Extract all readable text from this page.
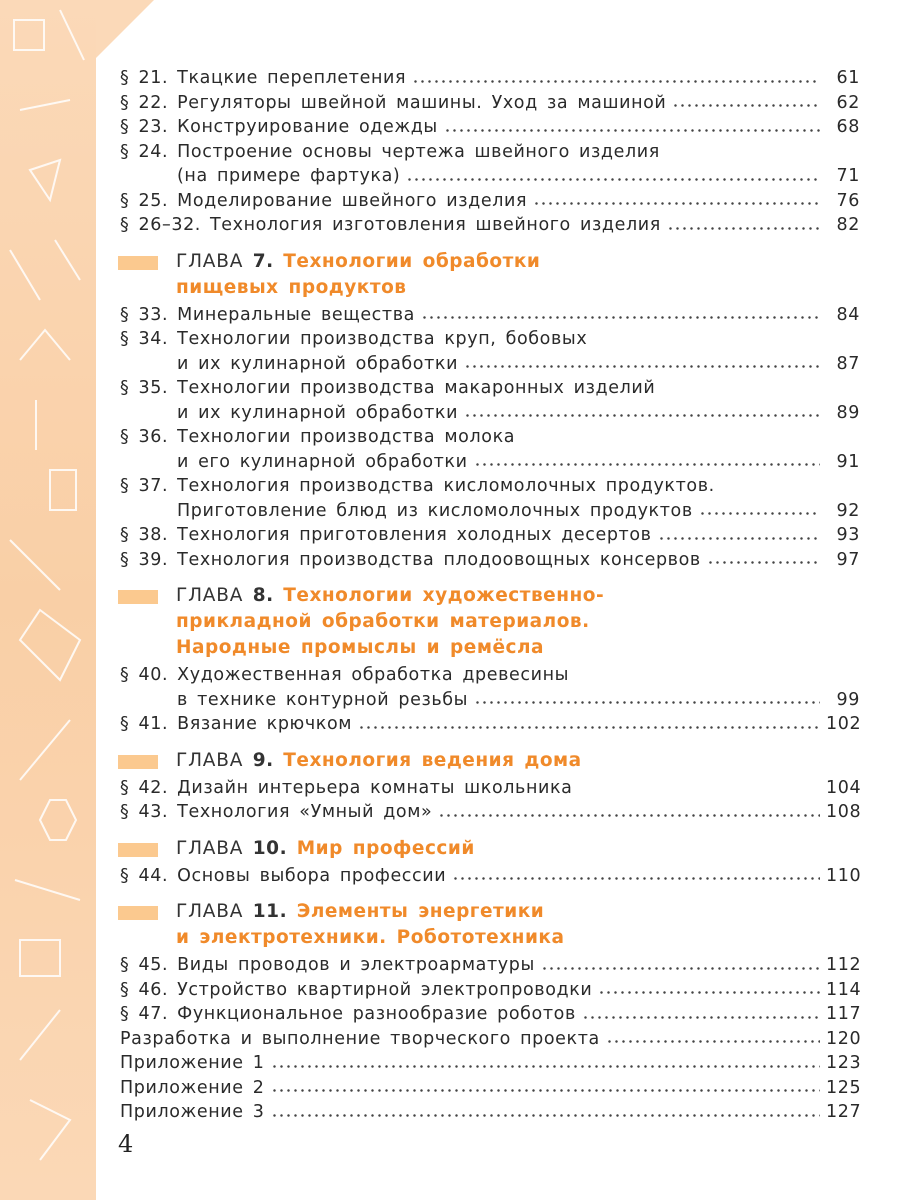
§ 21. Ткацкие переплетения	61
§ 22. Регуляторы швейной машины. Уход за машиной	62
§ 23. Конструирование одежды	68
§ 24. Построение основы чертежа швейного изделия
(на примере фартука)	71
§ 25. Моделирование швейного изделия	76
§ 26–32. Технология изготовления швейного изделия	82
ГЛАВА 7. Технологии обработки
пищевых продуктов
§ 33. Минеральные вещества	84
§ 34. Технологии производства круп, бобовых
и их кулинарной обработки	87
§ 35. Технологии производства макаронных изделий
и их кулинарной обработки	89
§ 36. Технологии производства молока
и его кулинарной обработки	91
§ 37. Технология производства кисломолочных продуктов.
Приготовление блюд из кисломолочных продуктов	92
§ 38. Технология приготовления холодных десертов	93
§ 39. Технология производства плодоовощных консервов	97
ГЛАВА 8. Технологии художественно-
прикладной обработки материалов.
Народные промыслы и ремёсла
§ 40. Художественная обработка древесины
в технике контурной резьбы	99
§ 41. Вязание крючком	102
ГЛАВА 9. Технология ведения дома
§ 42. Дизайн интерьера комнаты школьника	104
§ 43. Технология «Умный дом»	108
ГЛАВА 10. Мир профессий
§ 44. Основы выбора профессии	110
ГЛАВА 11. Элементы энергетики
и электротехники. Робототехника
§ 45. Виды проводов и электроарматуры	112
§ 46. Устройство квартирной электропроводки	114
§ 47. Функциональное разнообразие роботов	117
Разработка и выполнение творческого проекта	120
Приложение 1	123
Приложение 2	125
Приложение 3	127
4
